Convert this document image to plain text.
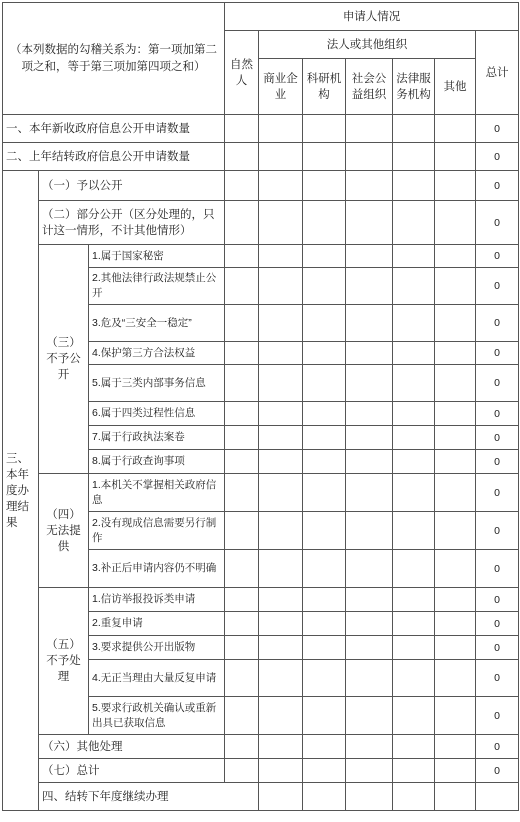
（本列数据的勾稽关系为：第一项加第二项之和，等于第三项加第四项之和）			申请人情况							
			自然人	法人或其他组织					总计	
				商业企业	科研机构	社会公益组织	法律服务机构	其他		
一、本年新收政府信息公开申请数量									0	
二、上年结转政府信息公开申请数量									0	
三、本年度办理结果	（一）予以公开								0	
	（二）部分公开（区分处理的，只计这一情形，不计其他情形）								0	
	（三）不予公开	1.属于国家秘密							0	
		2.其他法律行政法规禁止公开							0	
		3.危及“三安全一稳定”							0	
		4.保护第三方合法权益							0	
		5.属于三类内部事务信息							0	
		6.属于四类过程性信息							0	
		7.属于行政执法案卷							0	
		8.属于行政查询事项							0	
	（四）无法提供	1.本机关不掌握相关政府信息							0	
		2.没有现成信息需要另行制作							0	
		3.补正后申请内容仍不明确							0	
	（五）不予处理	1.信访举报投诉类申请							0	
		2.重复申请							0	
		3.要求提供公开出版物							0	
		4.无正当理由大量反复申请							0	
		5.要求行政机关确认或重新出具已获取信息							0	
	（六）其他处理								0	
	（七）总计								0	
	四、结转下年度继续办理							
